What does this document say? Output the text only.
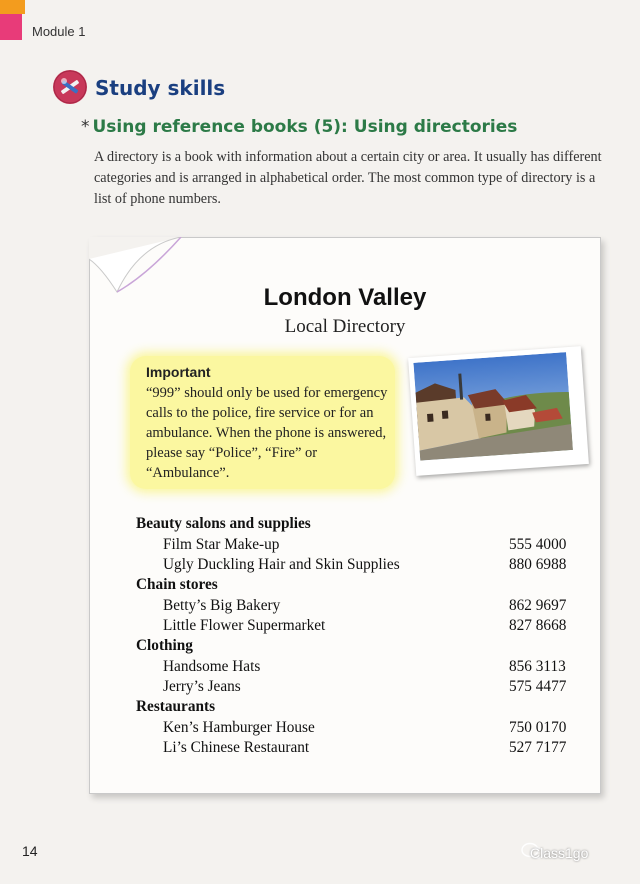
Module 1
Study skills
* Using reference books (5): Using directories
A directory is a book with information about a certain city or area. It usually has different categories and is arranged in alphabetical order. The most common type of directory is a list of phone numbers.
London Valley
Local Directory
Important
“999” should only be used for emergency calls to the police, fire service or for an ambulance. When the phone is answered, please say “Police”, “Fire” or “Ambulance”.
Beauty salons and supplies
Film Star Make-up	555 4000
Ugly Duckling Hair and Skin Supplies	880 6988
Chain stores
Betty’s Big Bakery	862 9697
Little Flower Supermarket	827 8668
Clothing
Handsome Hats	856 3113
Jerry’s Jeans	575 4477
Restaurants
Ken’s Hamburger House	750 0170
Li’s Chinese Restaurant	527 7177
14	Class1go
